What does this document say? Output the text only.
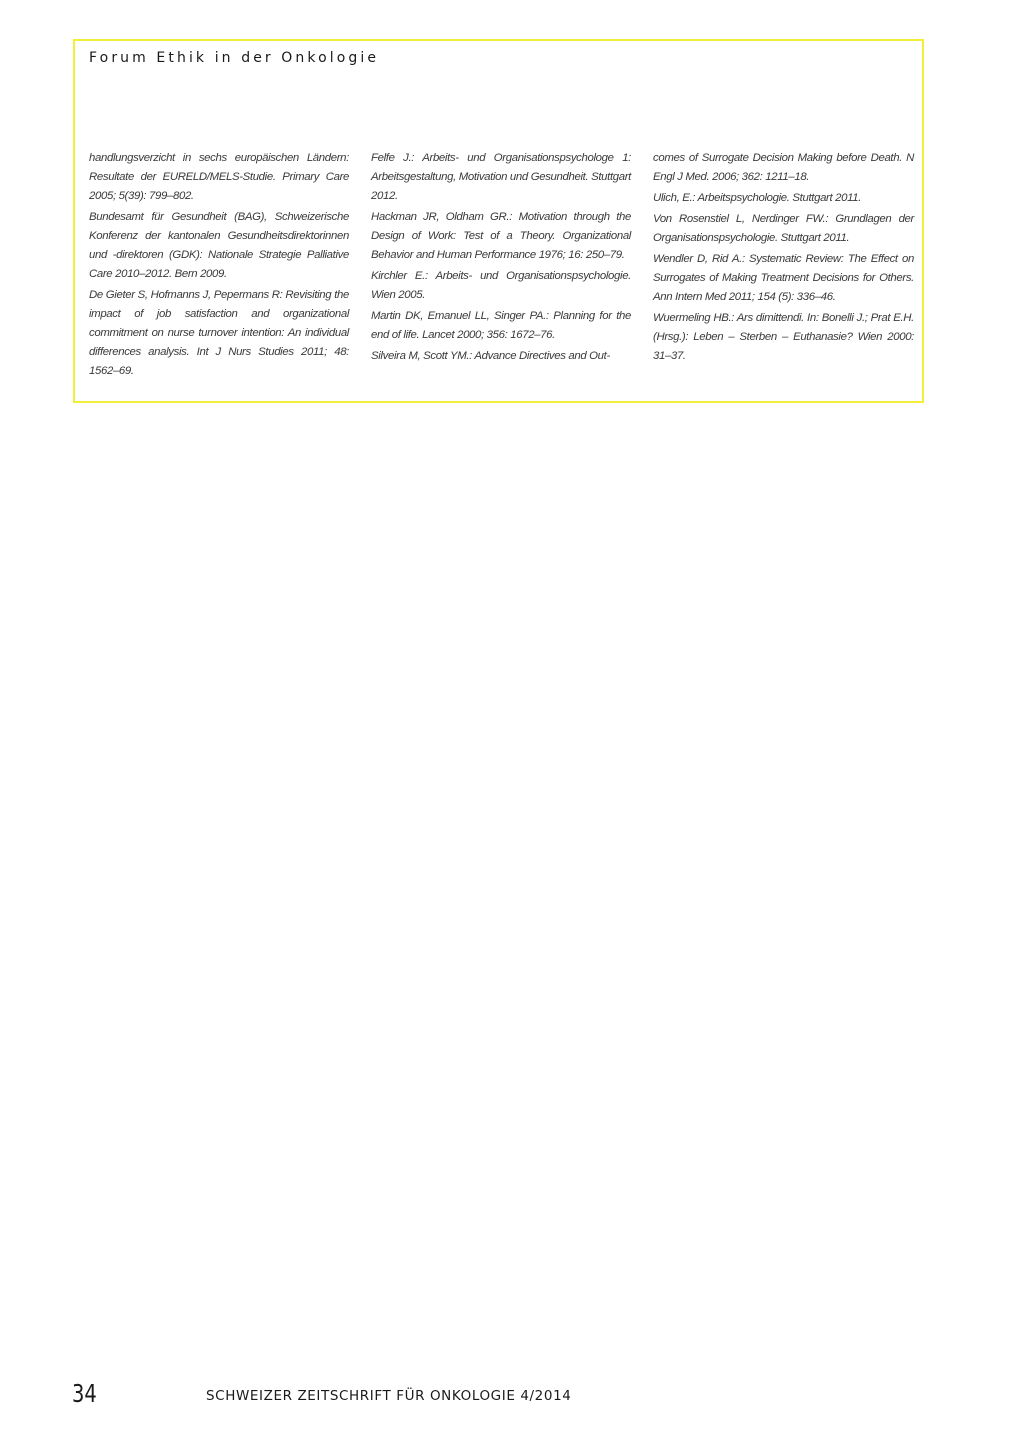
Forum Ethik in der Onkologie

handlungsverzicht in sechs europäischen Ländern: Resultate der EURELD/MELS-Studie. Primary Care 2005; 5(39): 799–802.

Bundesamt für Gesundheit (BAG), Schweizerische Konferenz der kantonalen Gesundheitsdirektorinnen und -direktoren (GDK): Nationale Strategie Palliative Care 2010–2012. Bern 2009.

De Gieter S, Hofmanns J, Pepermans R: Revisiting the impact of job satisfaction and organizational commitment on nurse turnover intention: An individual differences analysis. Int J Nurs Studies 2011; 48: 1562–69.

Felfe J.: Arbeits- und Organisationspsychologe 1: Arbeitsgestaltung, Motivation und Gesundheit. Stuttgart 2012.

Hackman JR, Oldham GR.: Motivation through the Design of Work: Test of a Theory. Organizational Behavior and Human Performance 1976; 16: 250–79.

Kirchler E.: Arbeits- und Organisationspsychologie. Wien 2005.

Martin DK, Emanuel LL, Singer PA.: Planning for the end of life. Lancet 2000; 356: 1672–76.

Silveira M, Scott YM.: Advance Directives and Out-

comes of Surrogate Decision Making before Death. N Engl J Med. 2006; 362: 1211–18.

Ulich, E.: Arbeitspsychologie. Stuttgart 2011.

Von Rosenstiel L, Nerdinger FW.: Grundlagen der Organisationspsychologie. Stuttgart 2011.

Wendler D, Rid A.: Systematic Review: The Effect on Surrogates of Making Treatment Decisions for Others. Ann Intern Med 2011; 154 (5): 336–46.

Wuermeling HB.: Ars dimittendi. In: Bonelli J.; Prat E.H. (Hrsg.): Leben – Sterben – Euthanasie? Wien 2000: 31–37.

34	SCHWEIZER ZEITSCHRIFT FÜR ONKOLOGIE 4/2014
